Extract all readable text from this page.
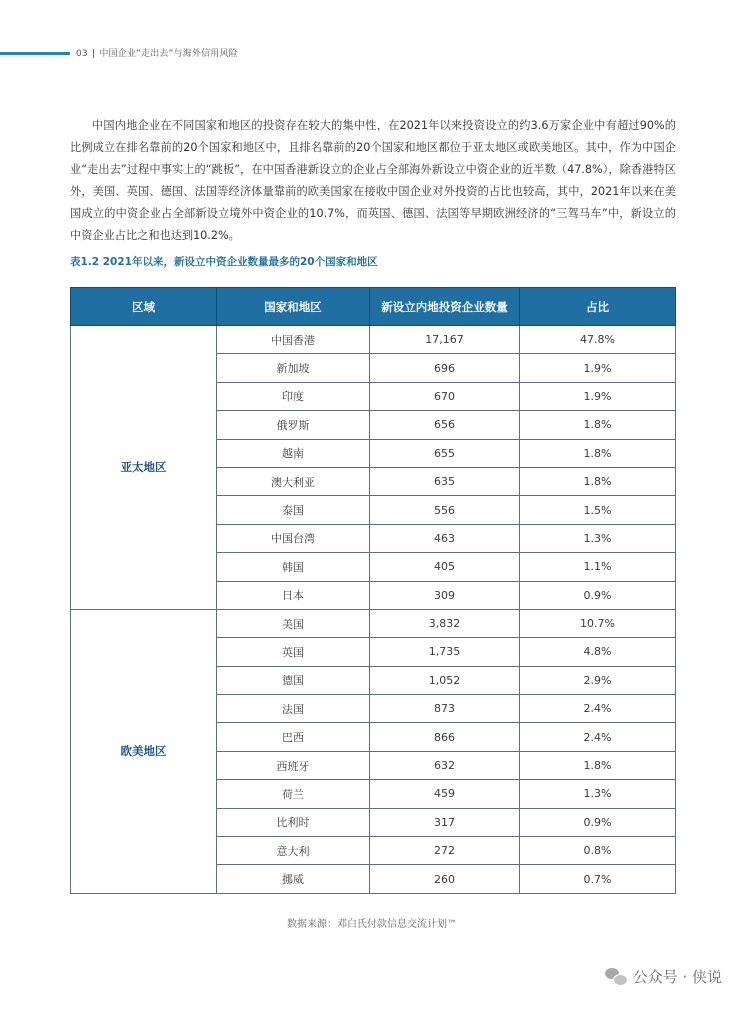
03 | 中国企业“走出去”与海外信用风险

中国内地企业在不同国家和地区的投资存在较大的集中性，在2021年以来投资设立的约3.6万家企业中有超过90%的比例成立在排名靠前的20个国家和地区中，且排名靠前的20个国家和地区都位于亚太地区或欧美地区。其中，作为中国企业“走出去”过程中事实上的“跳板”，在中国香港新设立的企业占全部海外新设立中资企业的近半数（47.8%），除香港特区外，美国、英国、德国、法国等经济体量靠前的欧美国家在接收中国企业对外投资的占比也较高，其中，2021年以来在美国成立的中资企业占全部新设立境外中资企业的10.7%，而英国、德国、法国等早期欧洲经济的“三驾马车”中，新设立的中资企业占比之和也达到10.2%。

表1.2 2021年以来，新设立中资企业数量最多的20个国家和地区
区域	国家和地区	新设立内地投资企业数量	占比
亚太地区	中国香港	17,167	47.8%
	新加坡	696	1.9%
	印度	670	1.9%
	俄罗斯	656	1.8%
	越南	655	1.8%
	澳大利亚	635	1.8%
	泰国	556	1.5%
	中国台湾	463	1.3%
	韩国	405	1.1%
	日本	309	0.9%
欧美地区	美国	3,832	10.7%
	英国	1,735	4.8%
	德国	1,052	2.9%
	法国	873	2.4%
	巴西	866	2.4%
	西班牙	632	1.8%
	荷兰	459	1.3%
	比利时	317	0.9%
	意大利	272	0.8%
	挪威	260	0.7%
数据来源：邓白氏付款信息交流计划™
公众号 · 侠说
